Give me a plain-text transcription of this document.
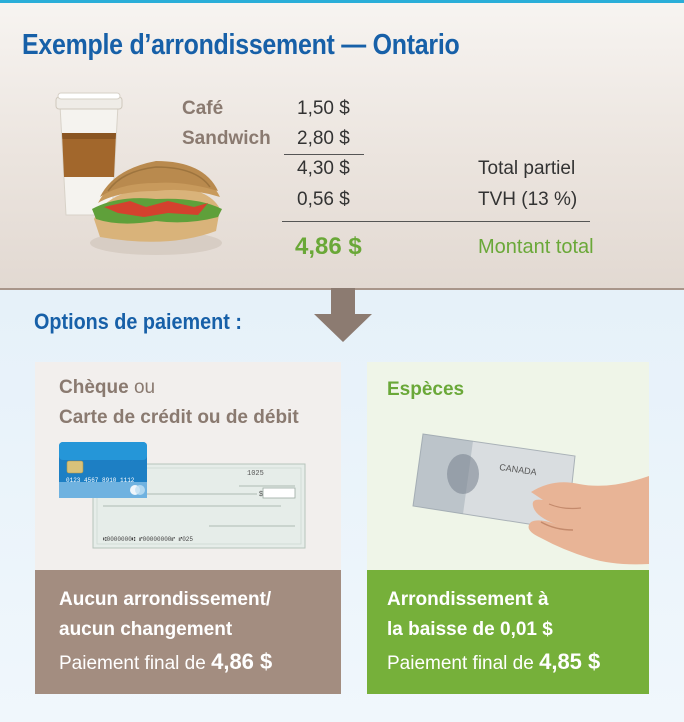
Exemple d’arrondissement — Ontario
Café	1,50 $
Sandwich 2,80 $
4,30 $	Total partiel
0,56 $	TVH (13 %)
4,86 $	Montant total
Options de paiement :
Chèque ou
Carte de crédit ou de débit
1025
$
⑆0000000⑆ ⑈00000000⑈ ⑈025
0123 4567 8910 1112
Aucun arrondissement/
aucun changement
Paiement final de 4,86 $
Espèces
CANADA
Arrondissement à
la baisse de 0,01 $
Paiement final de 4,85 $
